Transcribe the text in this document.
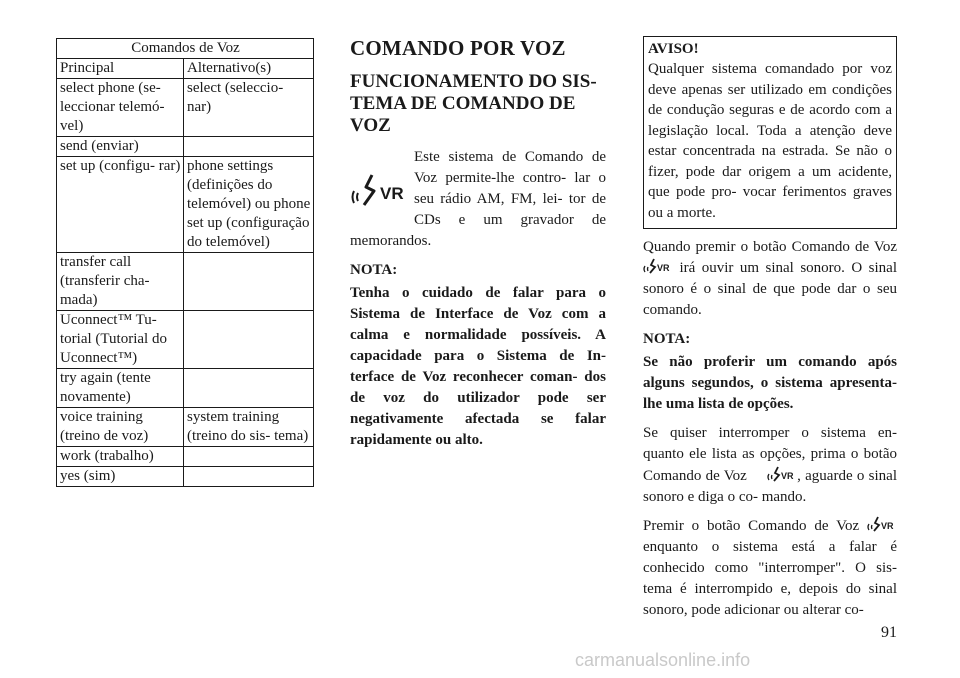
Comandos de Voz	
Principal	Alternativo(s)
select phone (se- leccionar telemó- vel)	select (seleccio- nar)
send (enviar)	
set up (configu- rar)	phone settings (definições do telemóvel) ou phone set up (configuração do telemóvel)
transfer call (transferir cha- mada)	
Uconnect™ Tu- torial (Tutorial do Uconnect™)	
try again (tente novamente)	
voice training (treino de voz)	system training (treino do sis- tema)
work (trabalho)	
yes (sim)	
COMANDO POR VOZ
FUNCIONAMENTO DO SIS- TEMA DE COMANDO DE VOZ
VR

Este sistema de Comando de Voz permite-lhe contro- lar o seu rádio AM, FM, lei- tor de CDs e um gravador de memorandos.

NOTA:

Tenha o cuidado de falar para o Sistema de Interface de Voz com a calma e normalidade possíveis. A capacidade para o Sistema de In- terface de Voz reconhecer coman- dos de voz do utilizador pode ser negativamente afectada se falar rapidamente ou alto.

AVISO!

Qualquer sistema comandado por voz deve apenas ser utilizado em condições de condução seguras e de acordo com a legislação local. Toda a atenção deve estar concentrada na estrada. Se não o fizer, pode dar origem a um acidente, que pode pro- vocar ferimentos graves ou a morte.

Quando premir o botão Comando de Voz
VR irá ouvir um sinal sonoro. O sinal sonoro é o sinal de que pode dar o seu comando.

NOTA:

Se não proferir um comando após alguns segundos, o sistema apresenta-lhe uma lista de opções.

Se quiser interromper o sistema en- quanto ele lista as opções, prima o botão Comando de Voz	VR , aguarde o sinal sonoro e diga o co- mando.

Premir o botão Comando de Voz VR
enquanto o sistema está a falar é conhecido como "interromper". O sis- tema é interrompido e, depois do sinal sonoro, pode adicionar ou alterar co-

91
carmanualsonline.info
